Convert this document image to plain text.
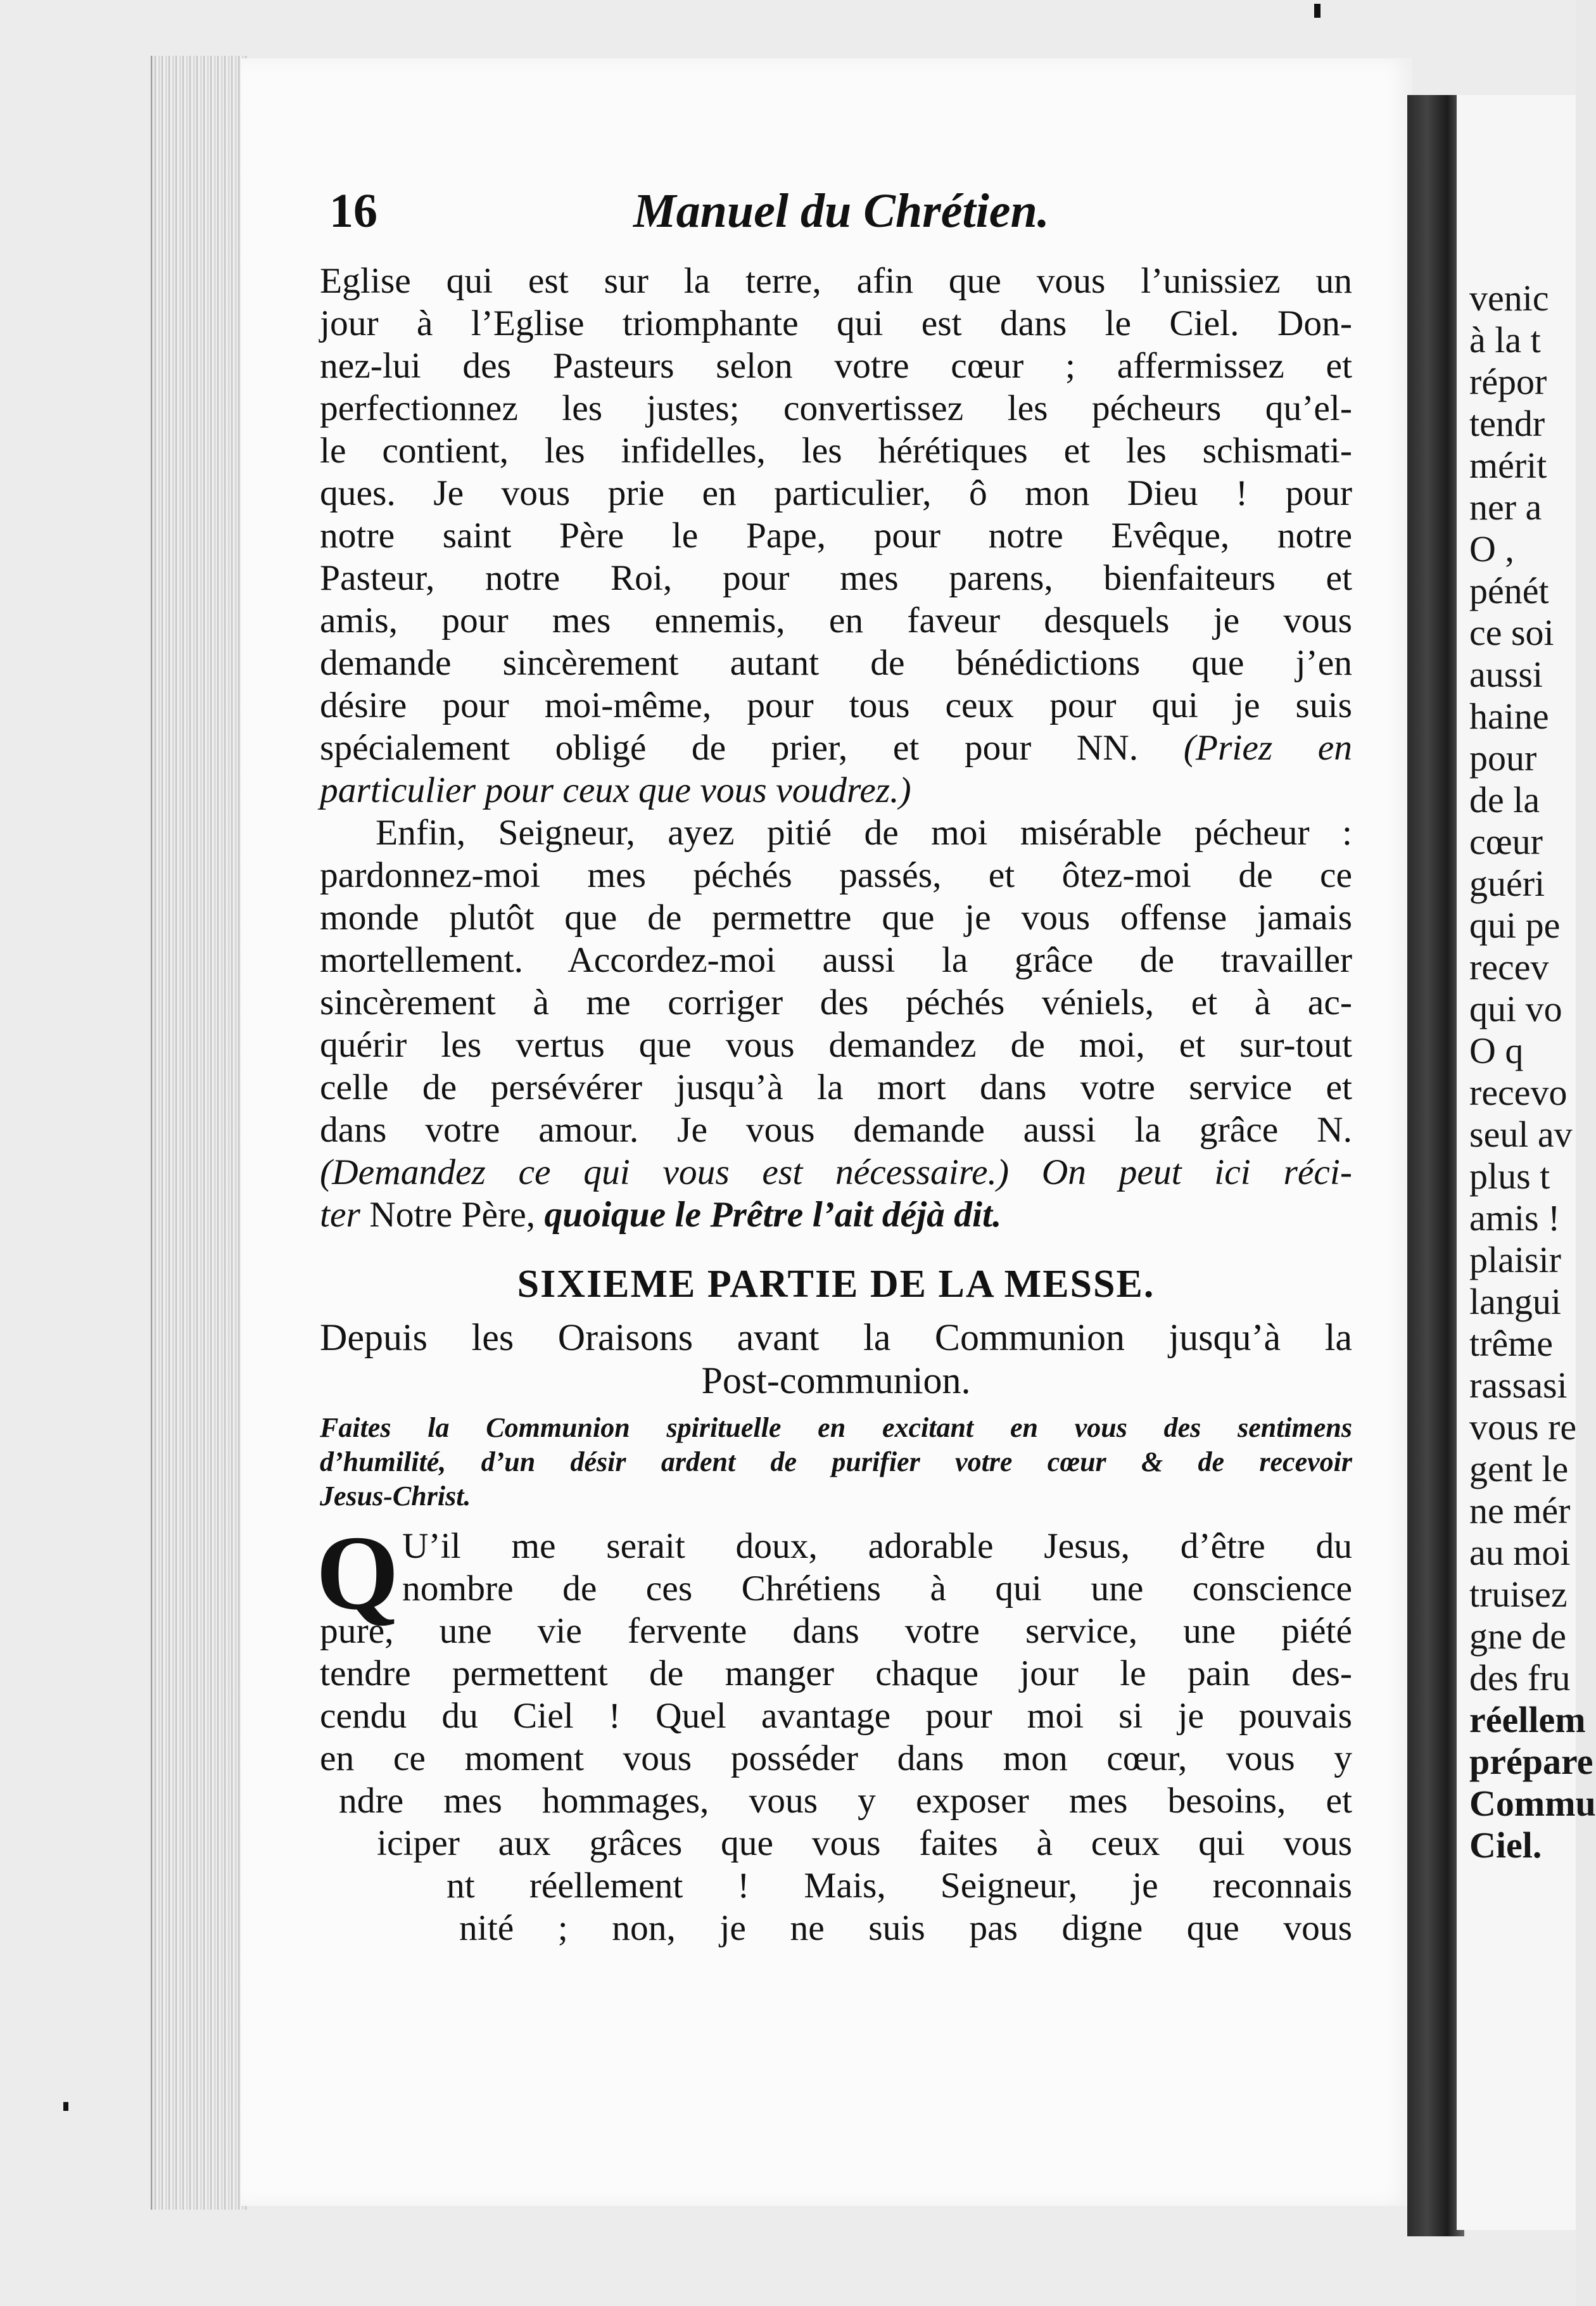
venic
à la t
répor
tendr
mérit
ner a
O ,
pénét
ce soi
aussi
haine
pour
de la
cœur
guéri
qui pe
recev
qui vo
O q
recevo
seul av
plus t
amis !
plaisir
langui
trême
rassasi
vous re
gent le
ne mér
au moi
truisez
gne de
des fru
réellem
prépare
Commu
Ciel.
16	Manuel du Chrétien.
Eglise qui est sur la terre, afin que vous l’unissiez un
jour à l’Eglise triomphante qui est dans le Ciel. Don-
nez-lui des Pasteurs selon votre cœur ; affermissez et
perfectionnez les justes; convertissez les pécheurs qu’el-
le contient, les infidelles, les hérétiques et les schismati-
ques. Je vous prie en particulier, ô mon Dieu ! pour
notre saint Père le Pape, pour notre Evêque, notre
Pasteur, notre Roi, pour mes parens, bienfaiteurs et
amis, pour mes ennemis, en faveur desquels je vous
demande sincèrement autant de bénédictions que j’en
désire pour moi-même, pour tous ceux pour qui je suis
spécialement obligé de prier, et pour NN. (Priez en
particulier pour ceux que vous voudrez.)
Enfin, Seigneur, ayez pitié de moi misérable pécheur :
pardonnez-moi mes péchés passés, et ôtez-moi de ce
monde plutôt que de permettre que je vous offense jamais
mortellement. Accordez-moi aussi la grâce de travailler
sincèrement à me corriger des péchés véniels, et à ac-
quérir les vertus que vous demandez de moi, et sur-tout
celle de persévérer jusqu’à la mort dans votre service et
dans votre amour. Je vous demande aussi la grâce N.
(Demandez ce qui vous est nécessaire.) On peut ici réci-
ter Notre Père, quoique le Prêtre l’ait déjà dit.
SIXIEME PARTIE DE LA MESSE.
Depuis les Oraisons avant la Communion jusqu’à la
Post-communion.
Faites la Communion spirituelle en excitant en vous des sentimens
d’humilité, d’un désir ardent de purifier votre cœur & de recevoir
Jesus-Christ.
Q U’il me serait doux, adorable Jesus, d’être du
nombre de ces Chrétiens à qui une conscience
pure, une vie fervente dans votre service, une piété
tendre permettent de manger chaque jour le pain des-
cendu du Ciel ! Quel avantage pour moi si je pouvais
en ce moment vous posséder dans mon cœur, vous y
ndre mes hommages, vous y exposer mes besoins, et
iciper aux grâces que vous faites à ceux qui vous
nt réellement ! Mais, Seigneur, je reconnais
nité ; non, je ne suis pas digne que vous
